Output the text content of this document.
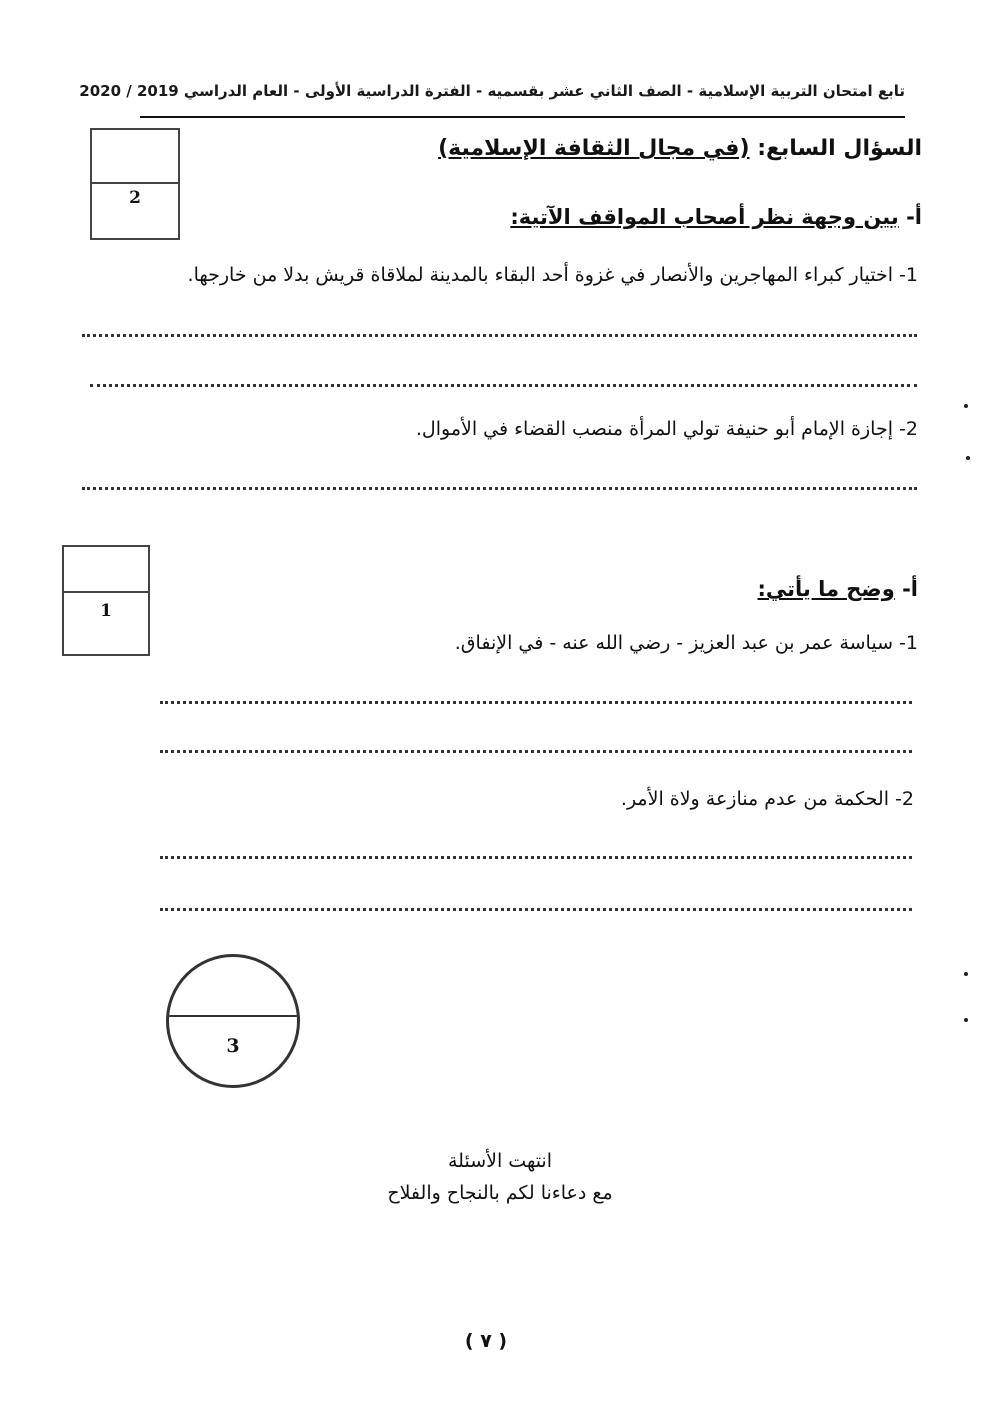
تابع امتحان التربية الإسلامية - الصف الثاني عشر بقسميه - الفترة الدراسية الأولى - العام الدراسي 2019 / 2020
2
السؤال السابع: (في مجال الثقافة الإسلامية)
أ- بين وجهة نظر أصحاب المواقف الآتية:
1- اختيار كبراء المهاجرين والأنصار في غزوة أحد البقاء بالمدينة لملاقاة قريش بدلا من خارجها.
2- إجازة الإمام أبو حنيفة تولي المرأة منصب القضاء في الأموال.
1
أ- وضح ما يأتي:
1- سياسة عمر بن عبد العزيز - رضي الله عنه - في الإنفاق.
2- الحكمة من عدم منازعة ولاة الأمر.
3
انتهت الأسئلة
مع دعاءنا لكم بالنجاح والفلاح
( ٧ )
